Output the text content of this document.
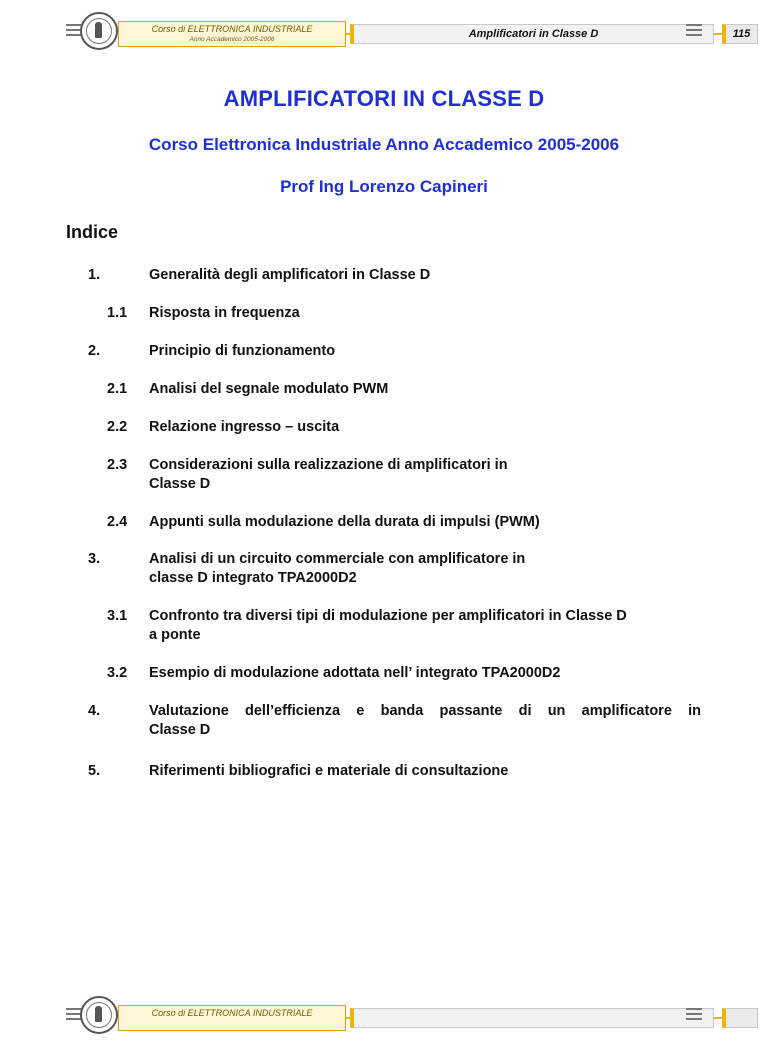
Corso di ELETTRONICA INDUSTRIALE
Anno Accademico 2005-2006	Amplificatori in Classe D	115
AMPLIFICATORI IN CLASSE D
Corso Elettronica Industriale Anno Accademico 2005-2006
Prof Ing Lorenzo Capineri
Indice
1.	Generalità degli amplificatori in Classe D
1.1 Risposta in frequenza
2.	Principio di funzionamento
2.1 Analisi del segnale modulato PWM
2.2 Relazione ingresso – uscita
2.3 Considerazioni sulla realizzazione di amplificatori in
Classe D
2.4 Appunti sulla modulazione della durata di impulsi (PWM)
3.	Analisi di un circuito commerciale con amplificatore in
classe D integrato TPA2000D2
3.1 Confronto tra diversi tipi di modulazione per amplificatori in Classe D
a ponte
3.2 Esempio di modulazione adottata nell’ integrato TPA2000D2
4.	Valutazione dell’efficienza e banda passante di un amplificatore in
Classe D
5.	Riferimenti bibliografici e materiale di consultazione
Corso di ELETTRONICA INDUSTRIALE
